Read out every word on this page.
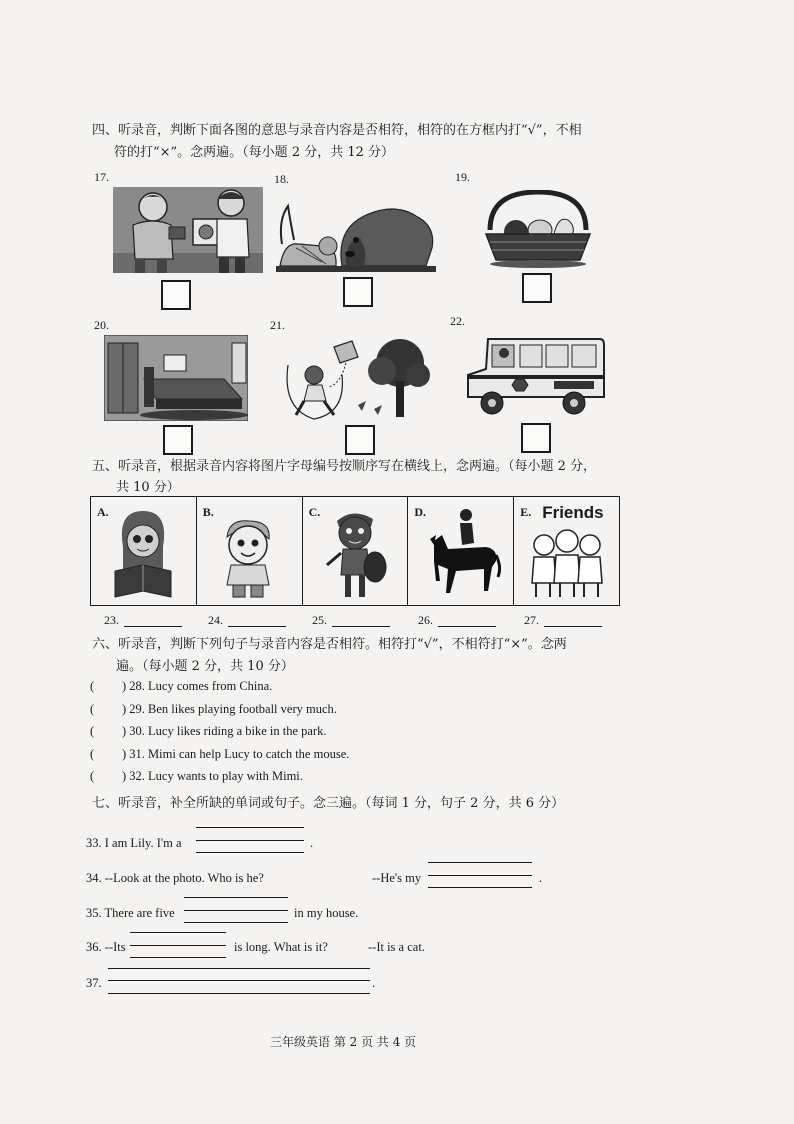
四、听录音，判断下面各图的意思与录音内容是否相符，相符的在方框内打“√”，不相
符的打“×”。念两遍。（每小题 2 分，共 12 分）
17.	18.	19.
20.	21.	22.
五、听录音，根据录音内容将图片字母编号按顺序写在横线上，念两遍。（每小题 2 分，
共 10 分）
A.	B.	C.	D.	E. Friends
23.	24.	25.	26.	27.
六、听录音，判断下列句子与录音内容是否相符。相符打“√”，不相符打“×”。念两
遍。（每小题 2 分，共 10 分）
( ) 28. Lucy comes from China.
( ) 29. Ben likes playing football very much.
( ) 30. Lucy likes riding a bike in the park.
( ) 31. Mimi can help Lucy to catch the mouse.
( ) 32. Lucy wants to play with Mimi.
七、听录音，补全所缺的单词或句子。念三遍。（每词 1 分，句子 2 分，共 6 分）
33. I am Lily. I'm a	.
34. --Look at the photo. Who is he?	--He's my	.
35. There are five	in my house.
36. --Its	is long. What is it?	--It is a cat.
37.	.
三年级英语 第 2 页 共 4 页
